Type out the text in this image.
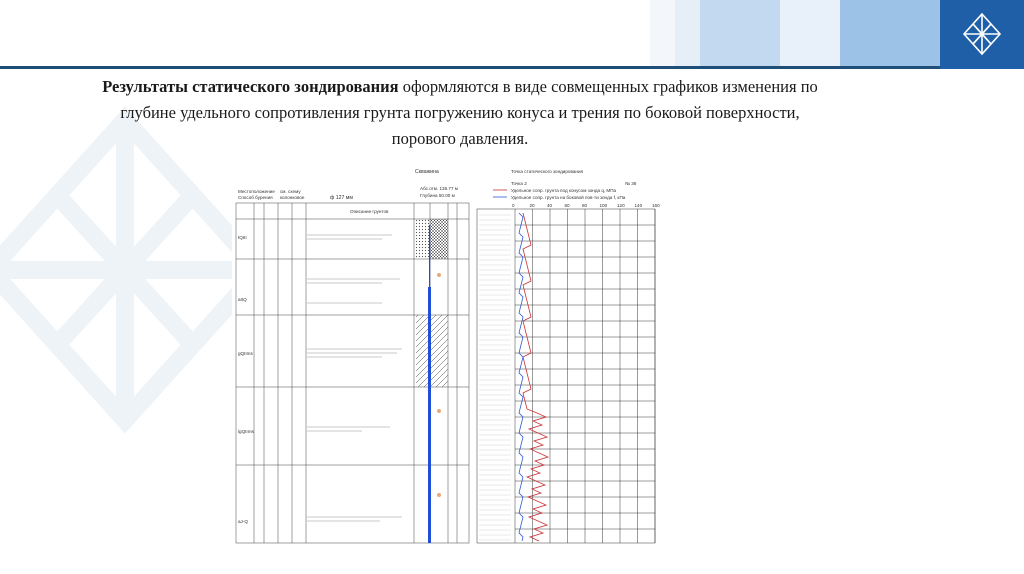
Результаты статического зондирования оформляются в виде совмещенных графиков изменения по глубине удельного сопротивления грунта погружению конуса и трения по боковой поверхности, порового давления.
Скважина
Местоположение
Способ бурения
см. схему
колонковое	ф 127 мм
Абс.отм. 136.77 м
Глубина 50.00 м
Описание грунтов
tQIII
aIIQ
gQIIms
lgQIIms
aJ-Q
Точка статического зондирования
Точка 2	№ 36
Удельное сопр. грунта под конусом зонда q, МПа
Удельное сопр. грунта на боковой пов-ти зонда f, кПа
0	20	40	60	80	100 120 140 160
